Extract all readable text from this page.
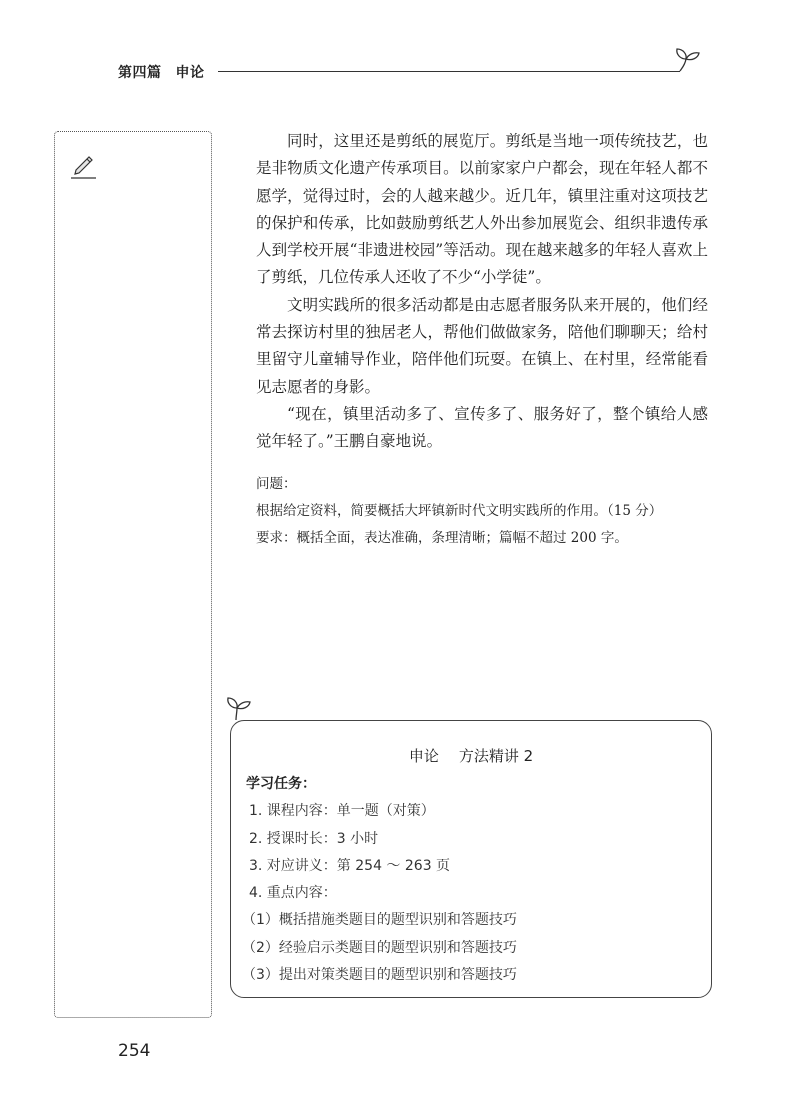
第四篇 申论

同时，这里还是剪纸的展览厅。剪纸是当地一项传统技艺，也是非物质文化遗产传承项目。以前家家户户都会，现在年轻人都不愿学，觉得过时，会的人越来越少。近几年，镇里注重对这项技艺的保护和传承，比如鼓励剪纸艺人外出参加展览会、组织非遗传承人到学校开展“非遗进校园”等活动。现在越来越多的年轻人喜欢上了剪纸，几位传承人还收了不少“小学徒”。

文明实践所的很多活动都是由志愿者服务队来开展的，他们经常去探访村里的独居老人，帮他们做做家务，陪他们聊聊天；给村里留守儿童辅导作业，陪伴他们玩耍。在镇上、在村里，经常能看见志愿者的身影。

“现在，镇里活动多了、宣传多了、服务好了，整个镇给人感觉年轻了。”王鹏自豪地说。

问题：
根据给定资料，简要概括大坪镇新时代文明实践所的作用。（15 分）
要求：概括全面，表达准确，条理清晰；篇幅不超过 200 字。
申论 方法精讲 2
学习任务：
1. 课程内容：单一题（对策）
2. 授课时长：3 小时
3. 对应讲义：第 254 ～ 263 页
4. 重点内容：
（1）概括措施类题目的题型识别和答题技巧
（2）经验启示类题目的题型识别和答题技巧
（3）提出对策类题目的题型识别和答题技巧
254
